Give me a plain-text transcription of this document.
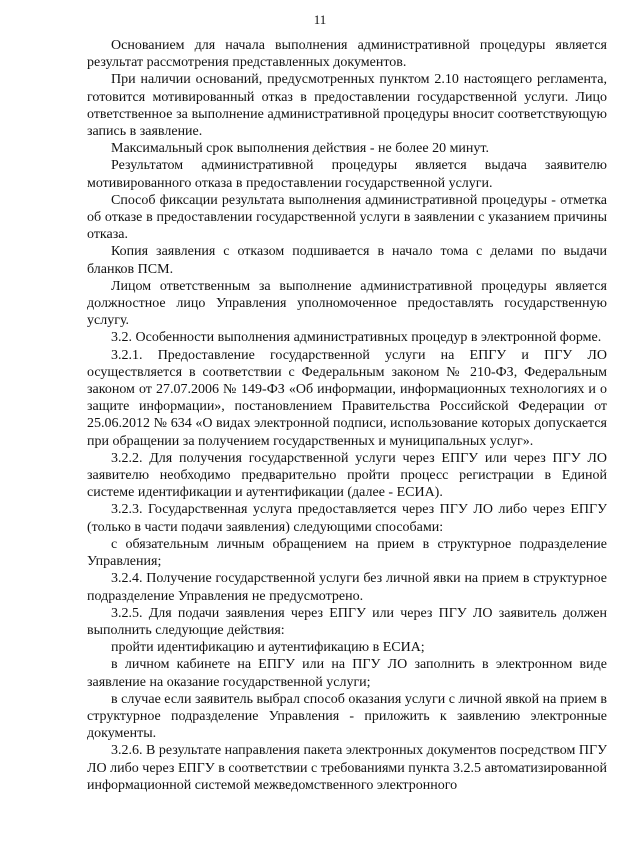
11

Основанием для начала выполнения административной процедуры является результат рассмотрения представленных документов.

При наличии оснований, предусмотренных пунктом 2.10 настоящего регламента, готовится мотивированный отказ в предоставлении государственной услуги. Лицо ответственное за выполнение административной процедуры вносит соответствующую запись в заявление.

Максимальный срок выполнения действия - не более 20 минут.

Результатом административной процедуры является выдача заявителю мотивированного отказа в предоставлении государственной услуги.

Способ фиксации результата выполнения административной процедуры - отметка об отказе в предоставлении государственной услуги в заявлении с указанием причины отказа.

Копия заявления с отказом подшивается в начало тома с делами по выдачи бланков ПСМ.

Лицом ответственным за выполнение административной процедуры является должностное лицо Управления уполномоченное предоставлять государственную услугу.

3.2. Особенности выполнения административных процедур в электронной форме.

3.2.1. Предоставление государственной услуги на ЕПГУ и ПГУ ЛО осуществляется в соответствии с Федеральным законом № 210-ФЗ, Федеральным законом от 27.07.2006 № 149-ФЗ «Об информации, информационных технологиях и о защите информации», постановлением Правительства Российской Федерации от 25.06.2012 № 634 «О видах электронной подписи, использование которых допускается при обращении за получением государственных и муниципальных услуг».

3.2.2. Для получения государственной услуги через ЕПГУ или через ПГУ ЛО заявителю необходимо предварительно пройти процесс регистрации в Единой системе идентификации и аутентификации (далее - ЕСИА).

3.2.3. Государственная услуга предоставляется через ПГУ ЛО либо через ЕПГУ (только в части подачи заявления) следующими способами:

с обязательным личным обращением на прием в структурное подразделение Управления;

3.2.4. Получение государственной услуги без личной явки на прием в структурное подразделение Управления не предусмотрено.

3.2.5. Для подачи заявления через ЕПГУ или через ПГУ ЛО заявитель должен выполнить следующие действия:

пройти идентификацию и аутентификацию в ЕСИА;

в личном кабинете на ЕПГУ или на ПГУ ЛО заполнить в электронном виде заявление на оказание государственной услуги;

в случае если заявитель выбрал способ оказания услуги с личной явкой на прием в структурное подразделение Управления - приложить к заявлению электронные документы.

3.2.6. В результате направления пакета электронных документов посредством ПГУ ЛО либо через ЕПГУ в соответствии с требованиями пункта 3.2.5 автоматизированной информационной системой межведомственного электронного
